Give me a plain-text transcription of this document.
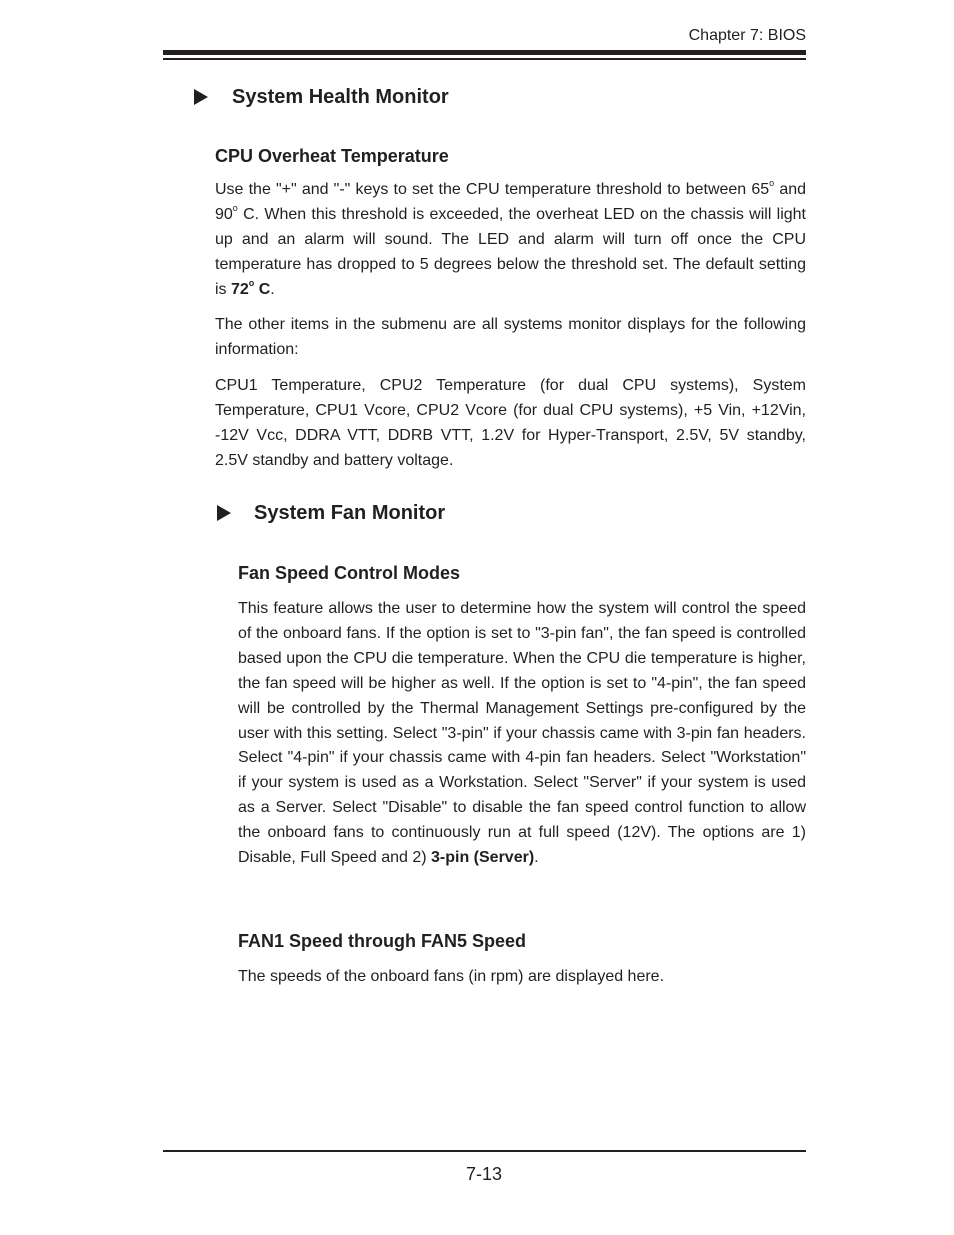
Chapter 7: BIOS
System Health Monitor
CPU Overheat Temperature

Use the "+" and "-" keys to set the CPU temperature threshold to between 65$^o$ and 90$^o$ C. When this threshold is exceeded, the overheat LED on the chassis will light up and an alarm will sound. The LED and alarm will turn off once the CPU temperature has dropped to 5 degrees below the threshold set. The default setting is 72$^o$ C.

The other items in the submenu are all systems monitor displays for the following information:

CPU1 Temperature, CPU2 Temperature (for dual CPU systems), System Temperature, CPU1 Vcore, CPU2 Vcore (for dual CPU systems), +5 Vin, +12Vin, -12V Vcc, DDRA VTT, DDRB VTT, 1.2V for Hyper-Transport, 2.5V, 5V standby, 2.5V standby and battery voltage.

System Fan Monitor
Fan Speed Control Modes

This feature allows the user to determine how the system will control the speed of the onboard fans. If the option is set to "3-pin fan", the fan speed is controlled based upon the CPU die temperature. When the CPU die temperature is higher, the fan speed will be higher as well. If the option is set to "4-pin", the fan speed will be controlled by the Thermal Management Settings pre-configured by the user with this setting. Select "3-pin" if your chassis came with 3-pin fan headers. Select "4-pin" if your chassis came with 4-pin fan headers. Select "Workstation" if your system is used as a Workstation. Select "Server" if your system is used as a Server. Select "Disable" to disable the fan speed control function to allow the onboard fans to continuously run at full speed (12V). The options are 1) Disable, Full Speed and 2) 3-pin (Server).

FAN1 Speed through FAN5 Speed

The speeds of the onboard fans (in rpm) are displayed here.

7-13
